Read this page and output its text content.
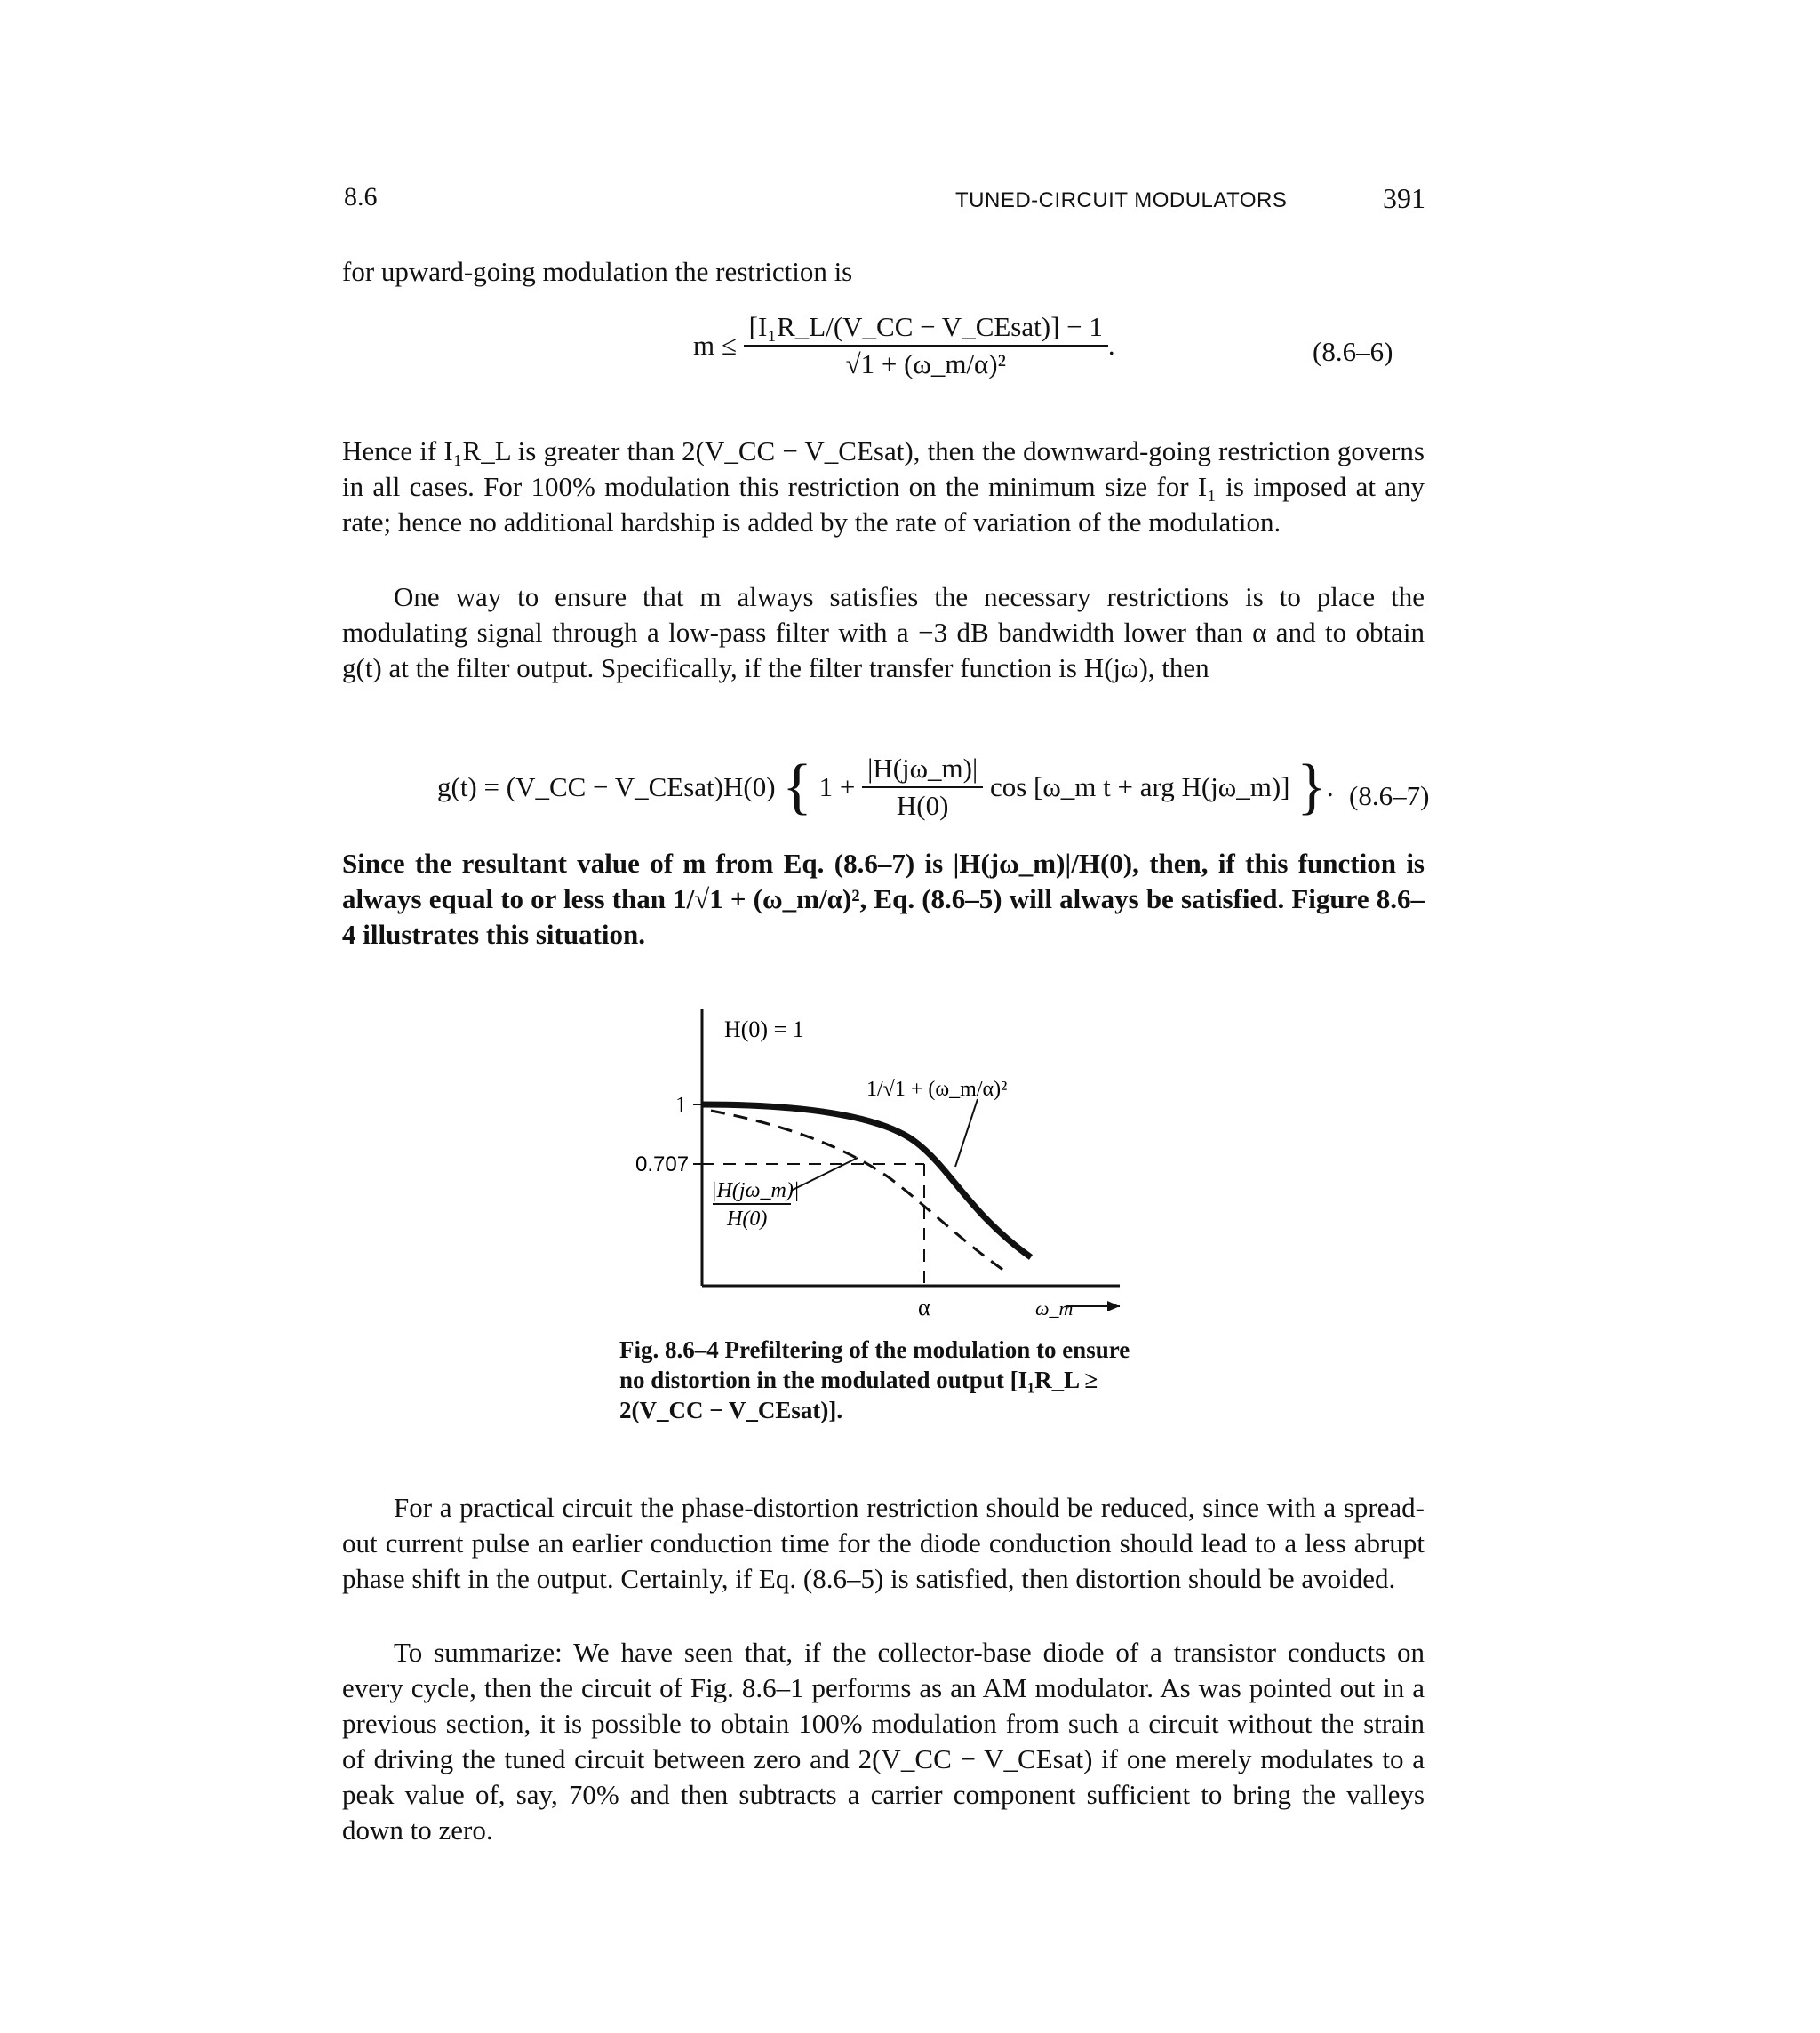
8.6	TUNED-CIRCUIT MODULATORS	391

for upward-going modulation the restriction is

$m \le \frac{\text{[I₁R\_L/(V\_CC − V\_CEsat)] − 1}}{\text{√1 + (ω\_m/α)²}}$ .	(8.6–6)

Hence if I₁R_L is greater than 2(V_CC − V_CEsat), then the downward-going restriction governs in all cases. For 100% modulation this restriction on the minimum size for I₁ is imposed at any rate; hence no additional hardship is added by the rate of variation of the modulation.

One way to ensure that m always satisfies the necessary restrictions is to place the modulating signal through a low-pass filter with a −3 dB bandwidth lower than α and to obtain g(t) at the filter output. Specifically, if the filter transfer function is H(jω), then

g(t) = (V_CC − V_CEsat)H(0) { $1 + \frac{|H(j\omega\_m)|}{H(0)}$ cos [ω_m t + arg H(jω_m)] }. (8.6–7)

Since the resultant value of m from Eq. (8.6–7) is |H(jω_m)|/H(0), then, if this function is always equal to or less than 1/√1 + (ω_m/α)², Eq. (8.6–5) will always be satisfied. Figure 8.6–4 illustrates this situation.

H(0) = 1
1
0.707
1/√1 + (ω_m/α)²
|H(jω_m)|
H(0)
α	ω_m
Fig. 8.6–4 Prefiltering of the modulation to ensure no distortion in the modulated output [I₁R_L ≥ 2(V_CC − V_CEsat)].

For a practical circuit the phase-distortion restriction should be reduced, since with a spread-out current pulse an earlier conduction time for the diode conduction should lead to a less abrupt phase shift in the output. Certainly, if Eq. (8.6–5) is satisfied, then distortion should be avoided.

To summarize: We have seen that, if the collector-base diode of a transistor conducts on every cycle, then the circuit of Fig. 8.6–1 performs as an AM modulator. As was pointed out in a previous section, it is possible to obtain 100% modulation from such a circuit without the strain of driving the tuned circuit between zero and 2(V_CC − V_CEsat) if one merely modulates to a peak value of, say, 70% and then subtracts a carrier component sufficient to bring the valleys down to zero.
